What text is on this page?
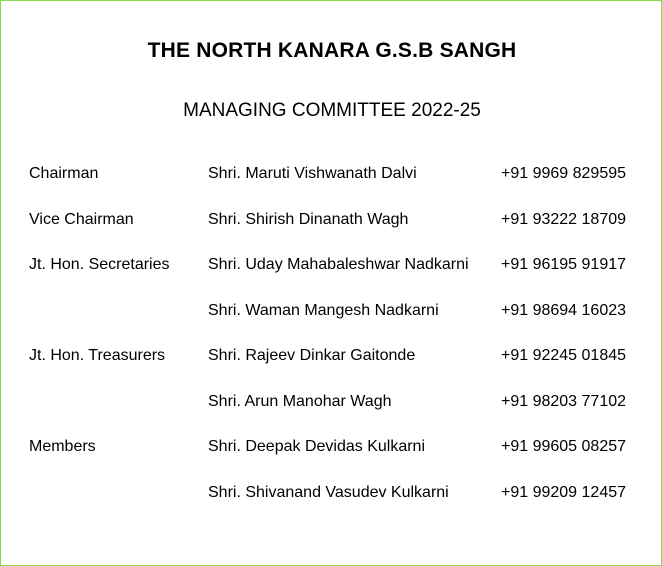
THE NORTH KANARA G.S.B SANGH
MANAGING COMMITTEE 2022-25
Chairman	Shri. Maruti Vishwanath Dalvi	+91 9969 829595
Vice Chairman	Shri. Shirish Dinanath Wagh	+91 93222 18709
Jt. Hon. Secretaries Shri. Uday Mahabaleshwar Nadkarni +91 96195 91917
Shri. Waman Mangesh Nadkarni	+91 98694 16023
Jt. Hon. Treasurers	Shri. Rajeev Dinkar Gaitonde	+91 92245 01845
Shri. Arun Manohar Wagh	+91 98203 77102
Members	Shri. Deepak Devidas Kulkarni	+91 99605 08257
Shri. Shivanand Vasudev Kulkarni	+91 99209 12457
